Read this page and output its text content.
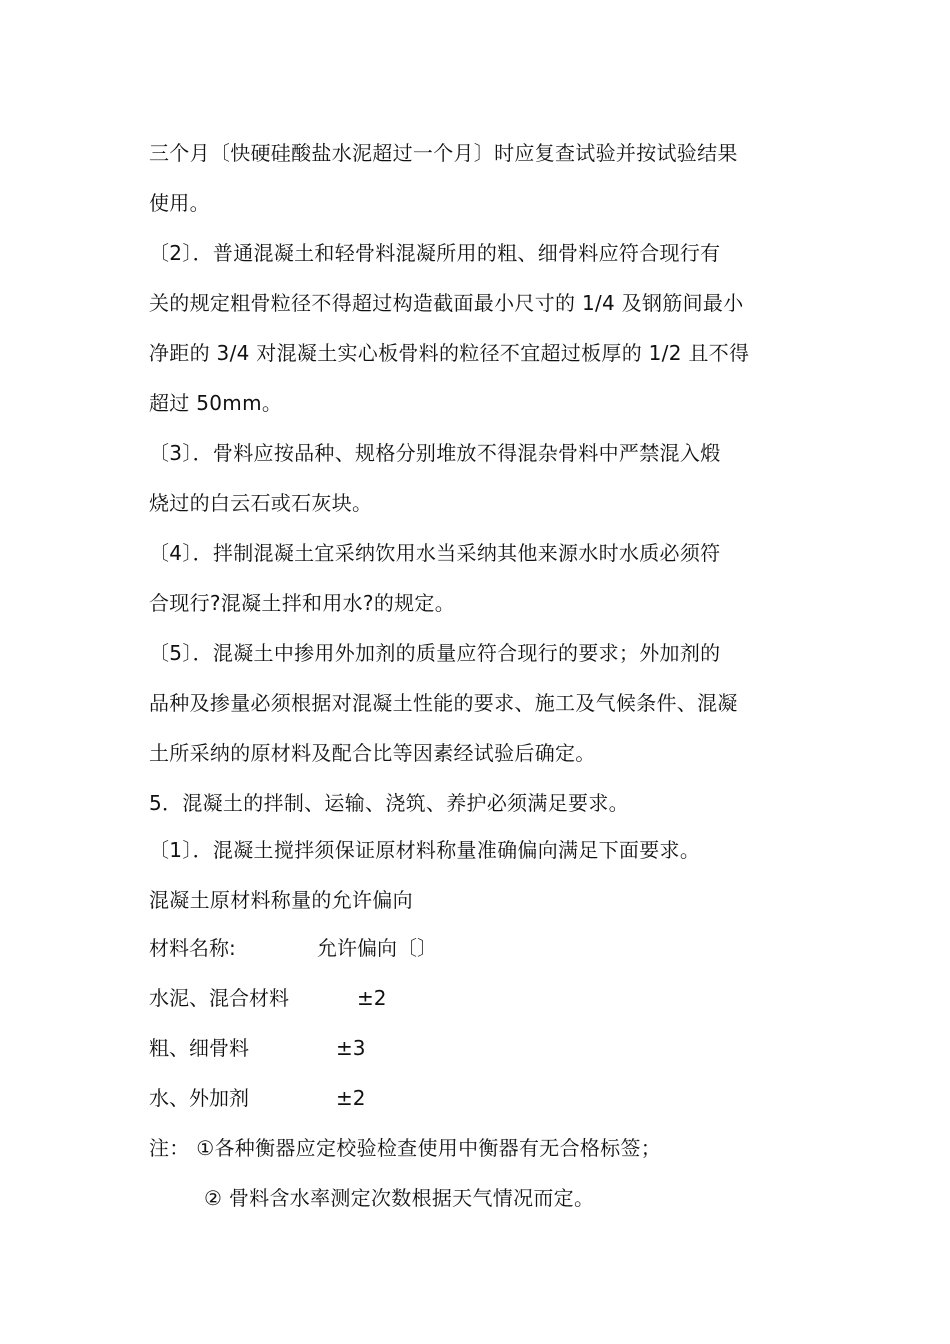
三个月〔快硬硅酸盐水泥超过一个月〕时应复查试验并按试验结果
使用。
〔2〕．普通混凝土和轻骨料混凝所用的粗、细骨料应符合现行有
关的规定粗骨粒径不得超过构造截面最小尺寸的 1/4 及钢筋间最小
净距的 3/4 对混凝土实心板骨料的粒径不宜超过板厚的 1/2 且不得
超过 50mm。
〔3〕．骨料应按品种、规格分别堆放不得混杂骨料中严禁混入煅
烧过的白云石或石灰块。
〔4〕．拌制混凝土宜采纳饮用水当采纳其他来源水时水质必须符
合现行?混凝土拌和用水?的规定。
〔5〕．混凝土中掺用外加剂的质量应符合现行的要求；外加剂的
品种及掺量必须根据对混凝土性能的要求、施工及气候条件、混凝
土所采纳的原材料及配合比等因素经试验后确定。
5．混凝土的拌制、运输、浇筑、养护必须满足要求。
〔1〕．混凝土搅拌须保证原材料称量准确偏向满足下面要求。
混凝土原材料称量的允许偏向
材料名称:	允许偏向〔〕
水泥、混合材料	±2
粗、细骨料	±3
水、外加剂	±2
注： ①各种衡器应定校验检查使用中衡器有无合格标签；
② 骨料含水率测定次数根据天气情况而定。
